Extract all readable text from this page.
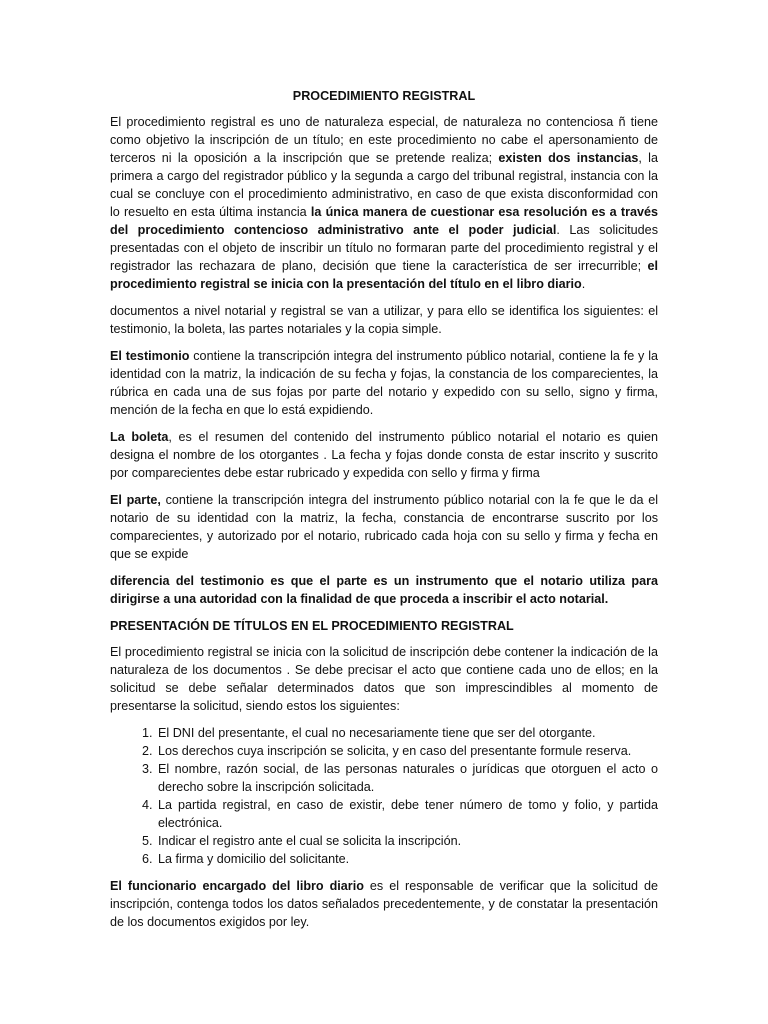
PROCEDIMIENTO REGISTRAL

El procedimiento registral es uno de naturaleza especial, de naturaleza no contenciosa ñ tiene como objetivo la inscripción de un título; en este procedimiento no cabe el apersonamiento de terceros ni la oposición a la inscripción que se pretende realiza; existen dos instancias, la primera a cargo del registrador público y la segunda a cargo del tribunal registral, instancia con la cual se concluye con el procedimiento administrativo, en caso de que exista disconformidad con lo resuelto en esta última instancia la única manera de cuestionar esa resolución es a través del procedimiento contencioso administrativo ante el poder judicial. Las solicitudes presentadas con el objeto de inscribir un título no formaran parte del procedimiento registral y el registrador las rechazara de plano, decisión que tiene la característica de ser irrecurrible; el procedimiento registral se inicia con la presentación del título en el libro diario.

documentos a nivel notarial y registral se van a utilizar, y para ello se identifica los siguientes: el testimonio, la boleta, las partes notariales y la copia simple.

El testimonio contiene la transcripción integra del instrumento público notarial, contiene la fe y la identidad con la matriz, la indicación de su fecha y fojas, la constancia de los comparecientes, la rúbrica en cada una de sus fojas por parte del notario y expedido con su sello, signo y firma, mención de la fecha en que lo está expidiendo.

La boleta, es el resumen del contenido del instrumento público notarial el notario es quien designa el nombre de los otorgantes . La fecha y fojas donde consta de estar inscrito y suscrito por comparecientes debe estar rubricado y expedida con sello y firma y firma

El parte, contiene la transcripción integra del instrumento público notarial con la fe que le da el notario de su identidad con la matriz, la fecha, constancia de encontrarse suscrito por los comparecientes, y autorizado por el notario, rubricado cada hoja con su sello y firma y fecha en que se expide

diferencia del testimonio es que el parte es un instrumento que el notario utiliza para dirigirse a una autoridad con la finalidad de que proceda a inscribir el acto notarial.

PRESENTACIÓN DE TÍTULOS EN EL PROCEDIMIENTO REGISTRAL

El procedimiento registral se inicia con la solicitud de inscripción debe contener la indicación de la naturaleza de los documentos . Se debe precisar el acto que contiene cada uno de ellos; en la solicitud se debe señalar determinados datos que son imprescindibles al momento de presentarse la solicitud, siendo estos los siguientes:

1. El DNI del presentante, el cual no necesariamente tiene que ser del otorgante.
2. Los derechos cuya inscripción se solicita, y en caso del presentante formule reserva.
3. El nombre, razón social, de las personas naturales o jurídicas que otorguen el acto o derecho sobre la inscripción solicitada.
4. La partida registral, en caso de existir, debe tener número de tomo y folio, y partida electrónica.
5. Indicar el registro ante el cual se solicita la inscripción.
6. La firma y domicilio del solicitante.

El funcionario encargado del libro diario es el responsable de verificar que la solicitud de inscripción, contenga todos los datos señalados precedentemente, y de constatar la presentación de los documentos exigidos por ley.
